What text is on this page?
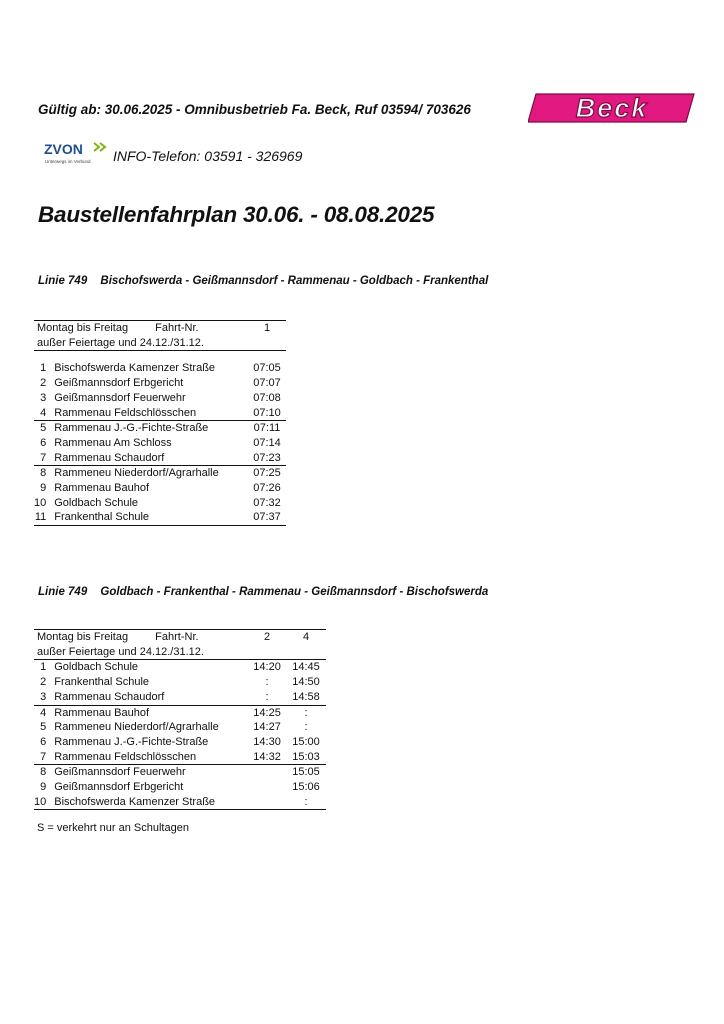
Gültig ab: 30.06.2025 - Omnibusbetrieb Fa. Beck, Ruf 03594/ 703626	Beck
ZVON
Unterwegs im Verbund INFO-Telefon: 03591 - 326969
Baustellenfahrplan 30.06. - 08.08.2025
Linie 749 Bischofswerda - Geißmannsdorf - Rammenau - Goldbach - Frankenthal
Montag bis Freitag Fahrt-Nr.		1
außer Feiertage und 24.12./31.12.		

1	Bischofswerda Kamenzer Straße	07:05
2	Geißmannsdorf Erbgericht	07:07
3	Geißmannsdorf Feuerwehr	07:08
4	Rammenau Feldschlösschen	07:10
5	Rammenau J.-G.-Fichte-Straße	07:11
6	Rammenau Am Schloss	07:14
7	Rammenau Schaudorf	07:23
8	Rammeneu Niederdorf/Agrarhalle	07:25
9	Rammenau Bauhof	07:26
10	Goldbach Schule	07:32
11	Frankenthal Schule	07:37
Linie 749 Goldbach - Frankenthal - Rammenau - Geißmannsdorf - Bischofswerda
Montag bis Freitag Fahrt-Nr.		2	4
außer Feiertage und 24.12./31.12.			
1	Goldbach Schule	14:20	14:45
2	Frankenthal Schule	:	14:50
3	Rammenau Schaudorf	:	14:58
4	Rammenau Bauhof	14:25	:
5	Rammeneu Niederdorf/Agrarhalle	14:27	:
6	Rammenau J.-G.-Fichte-Straße	14:30	15:00
7	Rammenau Feldschlösschen	14:32	15:03
8	Geißmannsdorf Feuerwehr		15:05
9	Geißmannsdorf Erbgericht		15:06
10	Bischofswerda Kamenzer Straße		:
S = verkehrt nur an Schultagen
